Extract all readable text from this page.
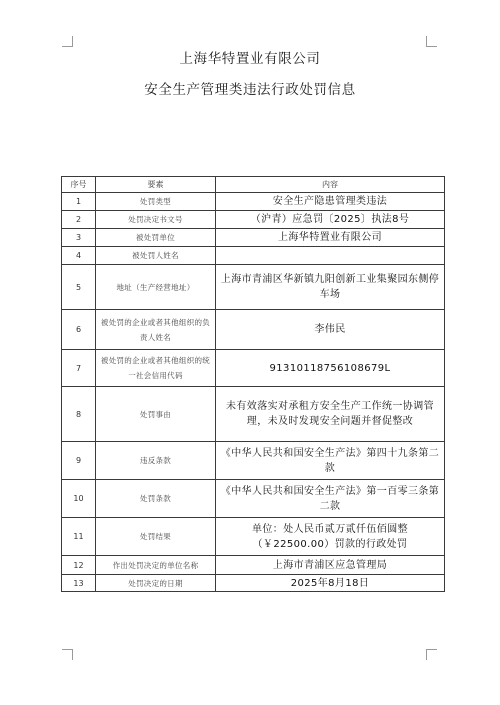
上海华特置业有限公司
安全生产管理类违法行政处罚信息
序号	要素	内容
1	处罚类型	安全生产隐患管理类违法
2	处罚决定书文号	（沪青）应急罚〔2025〕执法8号
3	被处罚单位	上海华特置业有限公司
4	被处罚人姓名	
5	地址（生产经营地址）	上海市青浦区华新镇九阳创新工业集聚园东侧停车场
6	被处罚的企业或者其他组织的负责人姓名	李伟民
7	被处罚的企业或者其他组织的统一社会信用代码	91310118756108679L
8	处罚事由	未有效落实对承租方安全生产工作统一协调管理，未及时发现安全问题并督促整改
9	违反条款	《中华人民共和国安全生产法》第四十九条第二款
10	处罚条款	《中华人民共和国安全生产法》第一百零三条第二款
11	处罚结果	单位：处人民币贰万贰仟伍佰圆整（￥22500.00）罚款的行政处罚
12	作出处罚决定的单位名称	上海市青浦区应急管理局
13	处罚决定的日期	2025年8月18日
